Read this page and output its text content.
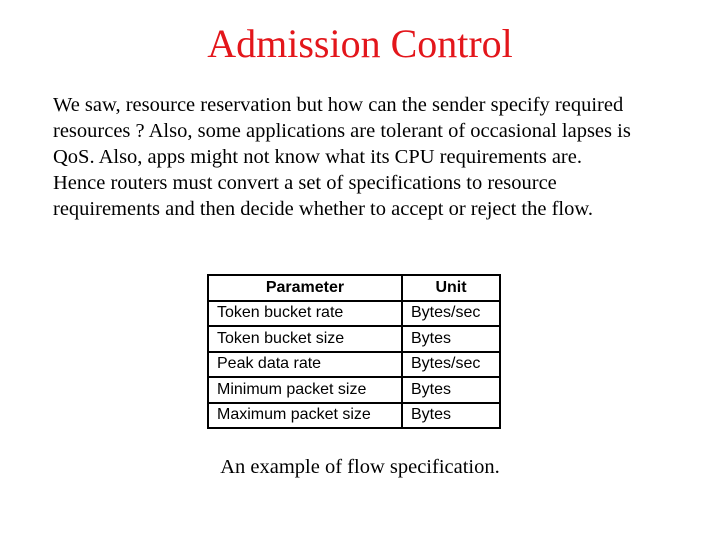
Admission Control

We saw, resource reservation but how can the sender specify required resources ? Also, some applications are tolerant of occasional lapses is QoS. Also, apps might not know what its CPU requirements are.

Hence routers must convert a set of specifications to resource requirements and then decide whether to accept or reject the flow.

Parameter	Unit
Token bucket rate	Bytes/sec
Token bucket size	Bytes
Peak data rate	Bytes/sec
Minimum packet size	Bytes
Maximum packet size	Bytes
An example of flow specification.
